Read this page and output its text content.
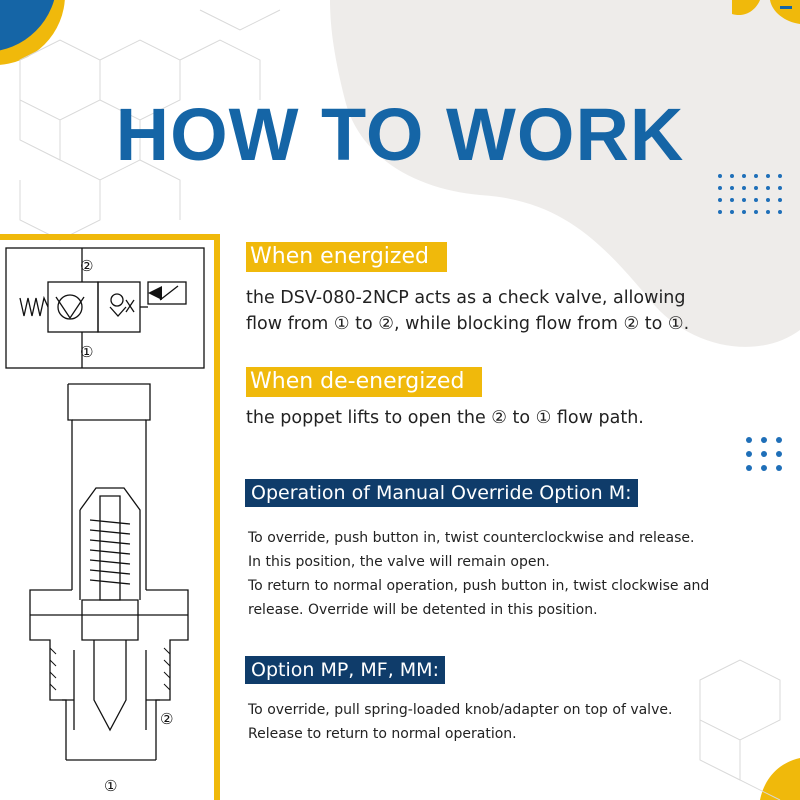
HOW TO WORK
②
①
②
①
When energized
the DSV-080-2NCP acts as a check valve, allowing
flow from ① to ②, while blocking flow from ② to ①.
When de-energized
the poppet lifts to open the ② to ① flow path.
Operation of Manual Override Option M:
To override, push button in, twist counterclockwise and release.
In this position, the valve will remain open.
To return to normal operation, push button in, twist clockwise and
release. Override will be detented in this position.
Option MP, MF, MM:
To override, pull spring-loaded knob/adapter on top of valve.
Release to return to normal operation.
